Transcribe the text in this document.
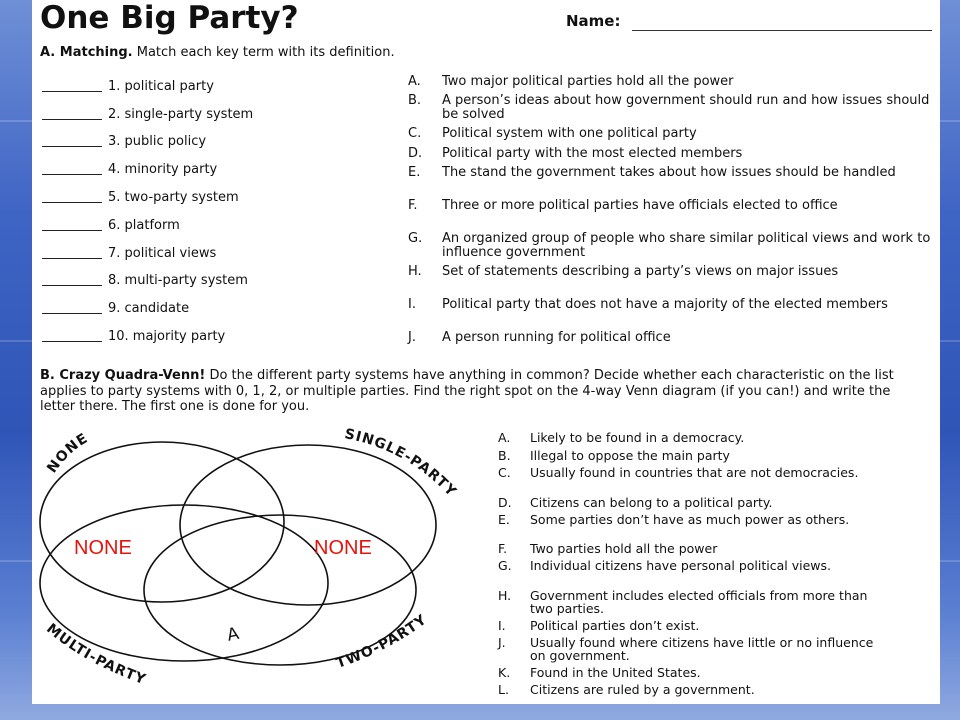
One Big Party?	Name:
A. Matching. Match each key term with its definition.
1. political party
2. single-party system
3. public policy
4. minority party
5. two-party system
6. platform
7. political views
8. multi-party system
9. candidate
10. majority party
A. Two major political parties hold all the power
B. A person’s ideas about how government should run and how issues should be solved
C. Political system with one political party
D. Political party with the most elected members
E. The stand the government takes about how issues should be handled
F. Three or more political parties have officials elected to office
G. An organized group of people who share similar political views and work to influence government
H. Set of statements describing a party’s views on major issues
I. Political party that does not have a majority of the elected members
J. A person running for political office
B. Crazy Quadra-Venn! Do the different party systems have anything in common? Decide whether each characteristic on the list applies to party systems with 0, 1, 2, or multiple parties. Find the right spot on the 4-way Venn diagram (if you can!) and write the letter there. The first one is done for you.
NONE	SINGLE-PARTY
MULTI-PARTY
TWO-PARTY
NONE	NONE
A
A. Likely to be found in a democracy.
B. Illegal to oppose the main party
C. Usually found in countries that are not democracies.
D. Citizens can belong to a political party.
E. Some parties don’t have as much power as others.
F. Two parties hold all the power
G. Individual citizens have personal political views.
H. Government includes elected officials from more than two parties.
I. Political parties don’t exist.
J. Usually found where citizens have little or no influence on government.
K. Found in the United States.
L. Citizens are ruled by a government.
